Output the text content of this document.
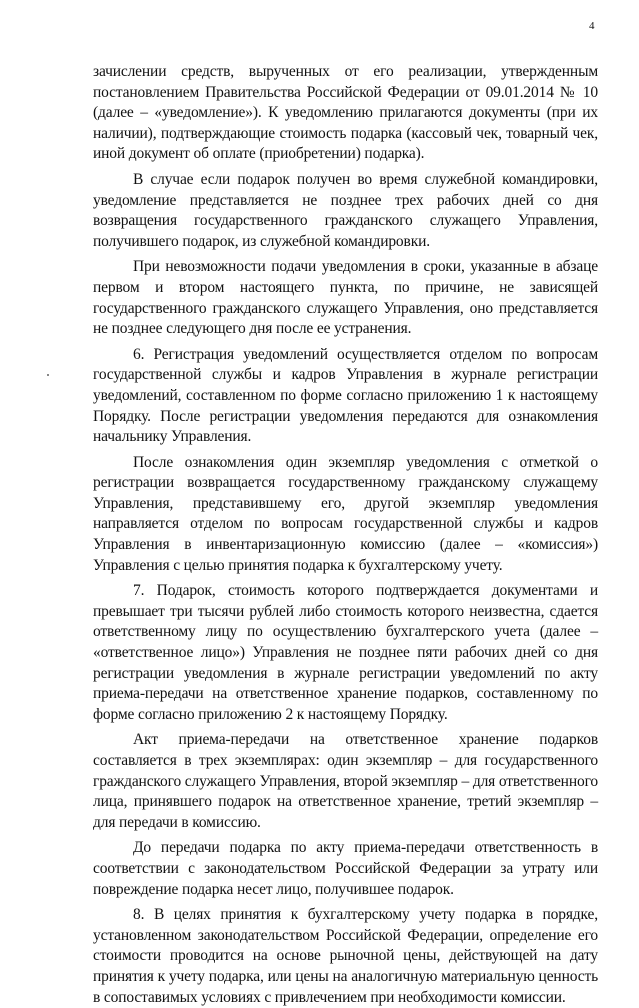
4

зачислении средств, вырученных от его реализации, утвержденным постановлением Правительства Российской Федерации от 09.01.2014 № 10 (далее – «уведомление»). К уведомлению прилагаются документы (при их наличии), подтверждающие стоимость подарка (кассовый чек, товарный чек, иной документ об оплате (приобретении) подарка).

В случае если подарок получен во время служебной командировки, уведомление представляется не позднее трех рабочих дней со дня возвращения государственного гражданского служащего Управления, получившего подарок, из служебной командировки.

При невозможности подачи уведомления в сроки, указанные в абзаце первом и втором настоящего пункта, по причине, не зависящей государственного гражданского служащего Управления, оно представляется не позднее следующего дня после ее устранения.

6. Регистрация уведомлений осуществляется отделом по вопросам государственной службы и кадров Управления в журнале регистрации уведомлений, составленном по форме согласно приложению 1 к настоящему Порядку. После регистрации уведомления передаются для ознакомления начальнику Управления.

После ознакомления один экземпляр уведомления с отметкой о регистрации возвращается государственному гражданскому служащему Управления, представившему его, другой экземпляр уведомления направляется отделом по вопросам государственной службы и кадров Управления в инвентаризационную комиссию (далее – «комиссия») Управления с целью принятия подарка к бухгалтерскому учету.

7. Подарок, стоимость которого подтверждается документами и превышает три тысячи рублей либо стоимость которого неизвестна, сдается ответственному лицу по осуществлению бухгалтерского учета (далее – «ответственное лицо») Управления не позднее пяти рабочих дней со дня регистрации уведомления в журнале регистрации уведомлений по акту приема-передачи на ответственное хранение подарков, составленному по форме согласно приложению 2 к настоящему Порядку.

Акт приема-передачи на ответственное хранение подарков составляется в трех экземплярах: один экземпляр – для государственного гражданского служащего Управления, второй экземпляр – для ответственного лица, принявшего подарок на ответственное хранение, третий экземпляр – для передачи в комиссию.

До передачи подарка по акту приема-передачи ответственность в соответствии с законодательством Российской Федерации за утрату или повреждение подарка несет лицо, получившее подарок.

8. В целях принятия к бухгалтерскому учету подарка в порядке, установленном законодательством Российской Федерации, определение его стоимости проводится на основе рыночной цены, действующей на дату принятия к учету подарка, или цены на аналогичную материальную ценность в сопоставимых условиях с привлечением при необходимости комиссии.
